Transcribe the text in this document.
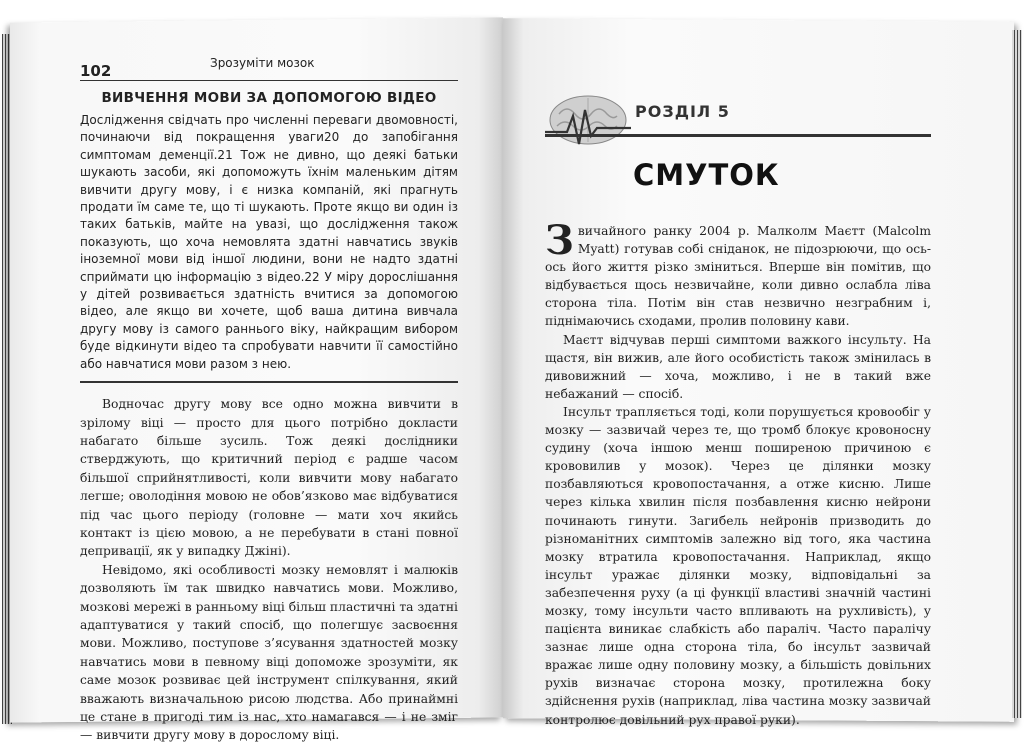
102	Зрозуміти мозок
ВИВЧЕННЯ МОВИ ЗА ДОПОМОГОЮ ВІДЕО

Дослідження свідчать про численні переваги двомовності, починаючи від покращення уваги20 до запобігання симптомам деменції.21 Тож не дивно, що деякі батьки шукають засоби, які допоможуть їхнім маленьким дітям вивчити другу мову, і є низка компаній, які прагнуть продати їм саме те, що ті шукають. Проте якщо ви один із таких батьків, майте на увазі, що дослідження також показують, що хоча немовлята здатні навчатись звуків іноземної мови від іншої людини, вони не надто здатні сприймати цю інформацію з відео.22 У міру дорослішання у дітей розвивається здатність вчитися за допомогою відео, але якщо ви хочете, щоб ваша дитина вивчала другу мову із самого раннього віку, найкращим вибором буде відкинути відео та спробувати навчити її самостійно або навчатися мови разом з нею.

Водночас другу мову все одно можна вивчити в зрілому віці — просто для цього потрібно докласти набагато більше зусиль. Тож деякі дослідники стверджують, що критичний період є радше часом більшої сприйнятливості, коли вивчити мову набагато легше; оволодіння мовою не обов’язково має відбуватися під час цього періоду (головне — мати хоч якийсь контакт із цією мовою, а не перебувати в стані повної депривації, як у випадку Джіні).

Невідомо, які особливості мозку немовлят і малюків дозволяють їм так швидко навчатись мови. Можливо, мозкові мережі в ранньому віці більш пластичні та здатні адаптуватися у такий спосіб, що полегшує засвоєння мови. Можливо, поступове з’ясування здатностей мозку навчатись мови в певному віці допоможе зрозуміти, як саме мозок розвиває цей інструмент спілкування, який вважають визначальною рисою людства. Або принаймні це стане в пригоді тим із нас, хто намагався — і не зміг — вивчити другу мову в дорослому віці.

РОЗДІЛ 5
СМУТОК

Звичайного ранку 2004 р. Малколм Маєтт (Malcolm Myatt) готував собі сніданок, не підозрюючи, що ось-ось його життя різко зміниться. Вперше він помітив, що відбувається щось незвичайне, коли дивно ослабла ліва сторона тіла. Потім він став незвично незграбним і, піднімаючись сходами, пролив половину кави.

Маєтт відчував перші симптоми важкого інсульту. На щастя, він вижив, але його особистість також змінилась в дивовижний — хоча, можливо, і не в такий вже небажаний — спосіб.

Інсульт трапляється тоді, коли порушується кровообіг у мозку — зазвичай через те, що тромб блокує кровоносну судину (хоча іншою менш поширеною причиною є крововилив у мозок). Через це ділянки мозку позбавляються кровопостачання, а отже кисню. Лише через кілька хвилин після позбавлення кисню нейрони починають гинути. Загибель нейронів призводить до різноманітних симптомів залежно від того, яка частина мозку втратила кровопостачання. Наприклад, якщо інсульт уражає ділянки мозку, відповідальні за забезпечення руху (а ці функції властиві значній частині мозку, тому інсульти часто впливають на рухливість), у пацієнта виникає слабкість або параліч. Часто паралічу зазнає лише одна сторона тіла, бо інсульт зазвичай вражає лише одну половину мозку, а більшість довільних рухів визначає сторона мозку, протилежна боку здійснення рухів (наприклад, ліва частина мозку зазвичай контролює довільний рух правої руки).
